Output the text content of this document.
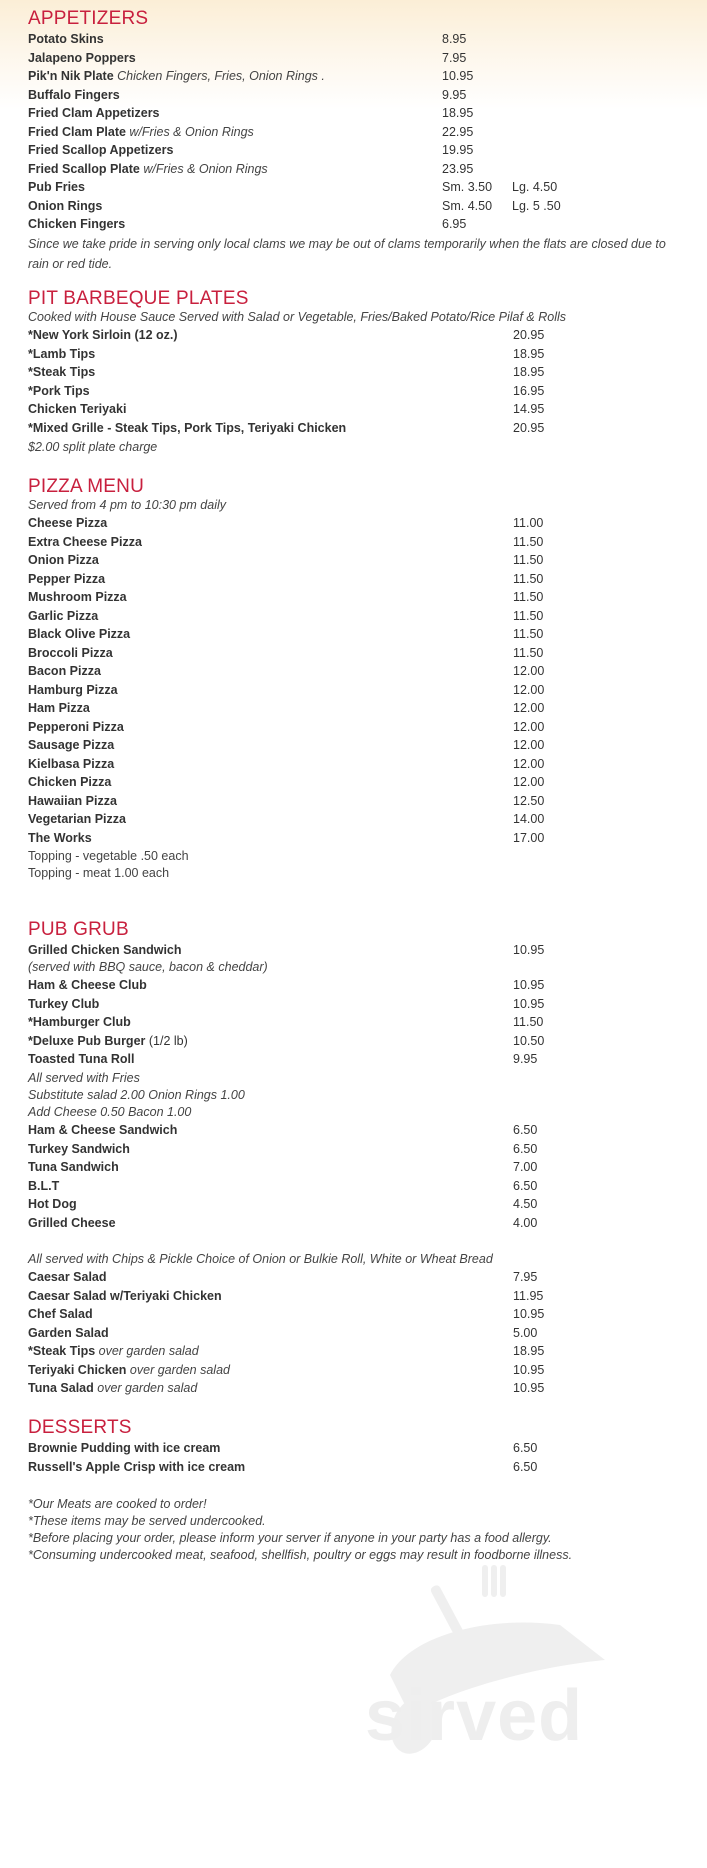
sirved
APPETIZERS
Potato Skins	8.95
Jalapeno Poppers	7.95
Pik'n Nik Plate Chicken Fingers, Fries, Onion Rings .	10.95
Buffalo Fingers	9.95
Fried Clam Appetizers	18.95
Fried Clam Plate w/Fries & Onion Rings	22.95
Fried Scallop Appetizers	19.95
Fried Scallop Plate w/Fries & Onion Rings	23.95
Pub Fries	Sm. 3.50 Lg. 4.50
Onion Rings	Sm. 4.50 Lg. 5 .50
Chicken Fingers	6.95
Since we take pride in serving only local clams we may be out of clams temporarily when the flats are closed due to rain or red tide.
PIT BARBEQUE PLATES
Cooked with House Sauce Served with Salad or Vegetable, Fries/Baked Potato/Rice Pilaf & Rolls
*New York Sirloin (12 oz.)	20.95
*Lamb Tips	18.95
*Steak Tips	18.95
*Pork Tips	16.95
Chicken Teriyaki	14.95
*Mixed Grille - Steak Tips, Pork Tips, Teriyaki Chicken	20.95
$2.00 split plate charge
PIZZA MENU
Served from 4 pm to 10:30 pm daily
Cheese Pizza	11.00
Extra Cheese Pizza	11.50
Onion Pizza	11.50
Pepper Pizza	11.50
Mushroom Pizza	11.50
Garlic Pizza	11.50
Black Olive Pizza	11.50
Broccoli Pizza	11.50
Bacon Pizza	12.00
Hamburg Pizza	12.00
Ham Pizza	12.00
Pepperoni Pizza	12.00
Sausage Pizza	12.00
Kielbasa Pizza	12.00
Chicken Pizza	12.00
Hawaiian Pizza	12.50
Vegetarian Pizza	14.00
The Works	17.00
Topping - vegetable .50 each
Topping - meat 1.00 each
PUB GRUB
Grilled Chicken Sandwich	10.95
(served with BBQ sauce, bacon & cheddar)
Ham & Cheese Club	10.95
Turkey Club	10.95
*Hamburger Club	11.50
*Deluxe Pub Burger (1/2 lb)	10.50
Toasted Tuna Roll	9.95
All served with Fries
Substitute salad 2.00 Onion Rings 1.00
Add Cheese 0.50 Bacon 1.00
Ham & Cheese Sandwich	6.50
Turkey Sandwich	6.50
Tuna Sandwich	7.00
B.L.T	6.50
Hot Dog	4.50
Grilled Cheese	4.00
All served with Chips & Pickle Choice of Onion or Bulkie Roll, White or Wheat Bread
Caesar Salad	7.95
Caesar Salad w/Teriyaki Chicken	11.95
Chef Salad	10.95
Garden Salad	5.00
*Steak Tips over garden salad	18.95
Teriyaki Chicken over garden salad	10.95
Tuna Salad over garden salad	10.95
DESSERTS
Brownie Pudding with ice cream	6.50
Russell's Apple Crisp with ice cream	6.50
*Our Meats are cooked to order!
*These items may be served undercooked.
*Before placing your order, please inform your server if anyone in your party has a food allergy.
*Consuming undercooked meat, seafood, shellfish, poultry or eggs may result in foodborne illness.
